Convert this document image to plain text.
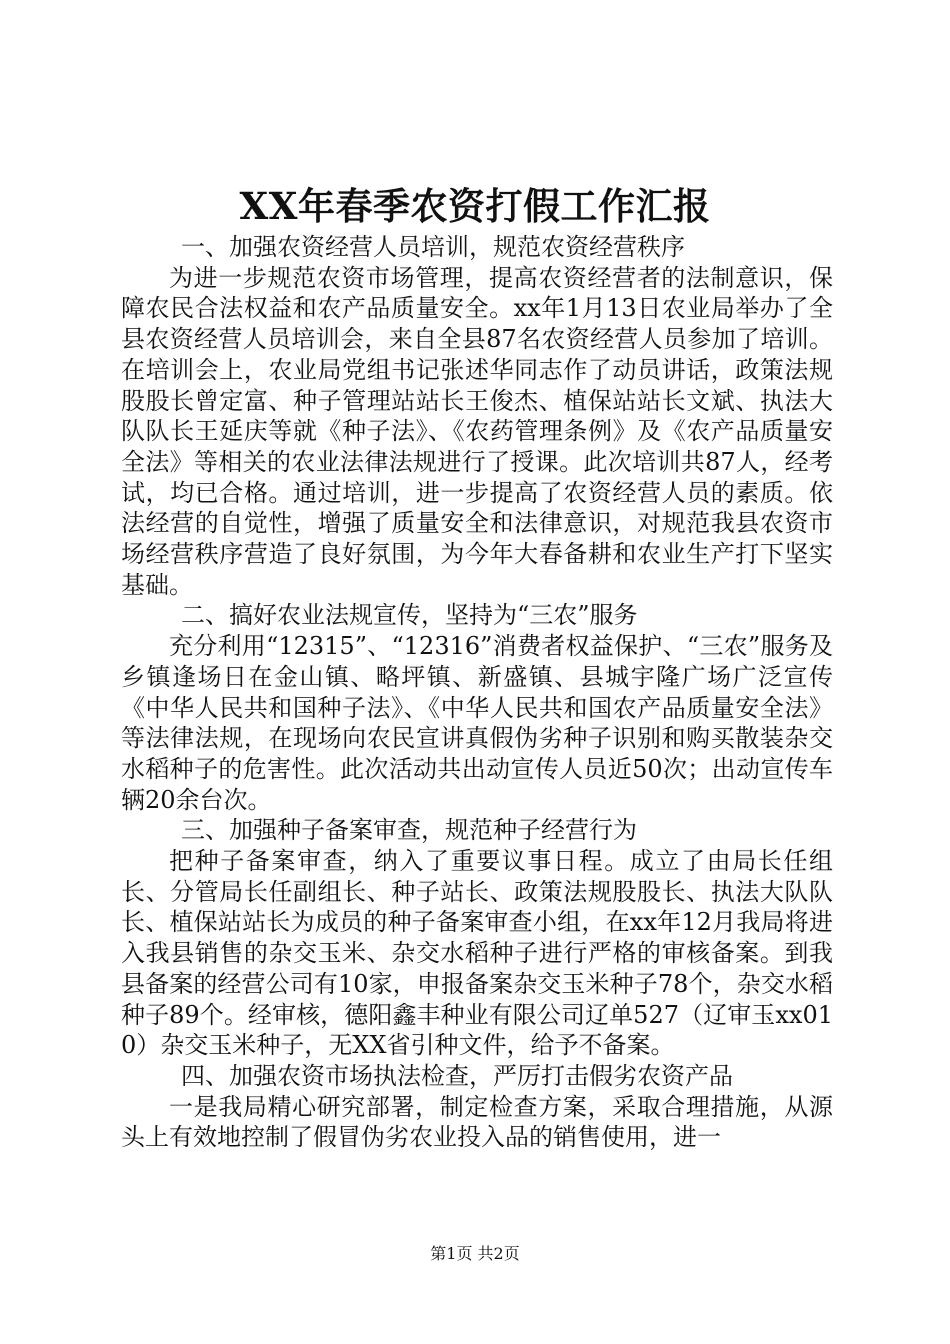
XX年春季农资打假工作汇报

一、加强农资经营人员培训，规范农资经营秩序

为进一步规范农资市场管理，提高农资经营者的法制意识，保障农民合法权益和农产品质量安全。xx年1月13日农业局举办了全县农资经营人员培训会，来自全县87名农资经营人员参加了培训。在培训会上，农业局党组书记张述华同志作了动员讲话，政策法规股股长曾定富、种子管理站站长王俊杰、植保站站长文斌、执法大队队长王延庆等就《种子法》、《农药管理条例》及《农产品质量安全法》等相关的农业法律法规进行了授课。此次培训共87人，经考试，均已合格。通过培训，进一步提高了农资经营人员的素质。依法经营的自觉性，增强了质量安全和法律意识，对规范我县农资市场经营秩序营造了良好氛围，为今年大春备耕和农业生产打下坚实基础。

二、搞好农业法规宣传，坚持为“三农”服务

充分利用“12315”、“12316”消费者权益保护、“三农”服务及乡镇逢场日在金山镇、略坪镇、新盛镇、县城宇隆广场广泛宣传《中华人民共和国种子法》、《中华人民共和国农产品质量安全法》等法律法规，在现场向农民宣讲真假伪劣种子识别和购买散装杂交水稻种子的危害性。此次活动共出动宣传人员近50次；出动宣传车辆20余台次。

三、加强种子备案审查，规范种子经营行为

把种子备案审查，纳入了重要议事日程。成立了由局长任组长、分管局长任副组长、种子站长、政策法规股股长、执法大队队长、植保站站长为成员的种子备案审查小组，在xx年12月我局将进入我县销售的杂交玉米、杂交水稻种子进行严格的审核备案。到我县备案的经营公司有10家，申报备案杂交玉米种子78个，杂交水稻种子89个。经审核，德阳鑫丰种业有限公司辽单527（辽审玉xx010）杂交玉米种子，无XX省引种文件，给予不备案。

四、加强农资市场执法检查，严厉打击假劣农资产品

一是我局精心研究部署，制定检查方案，采取合理措施，从源头上有效地控制了假冒伪劣农业投入品的销售使用，进一

第1页 共2页
